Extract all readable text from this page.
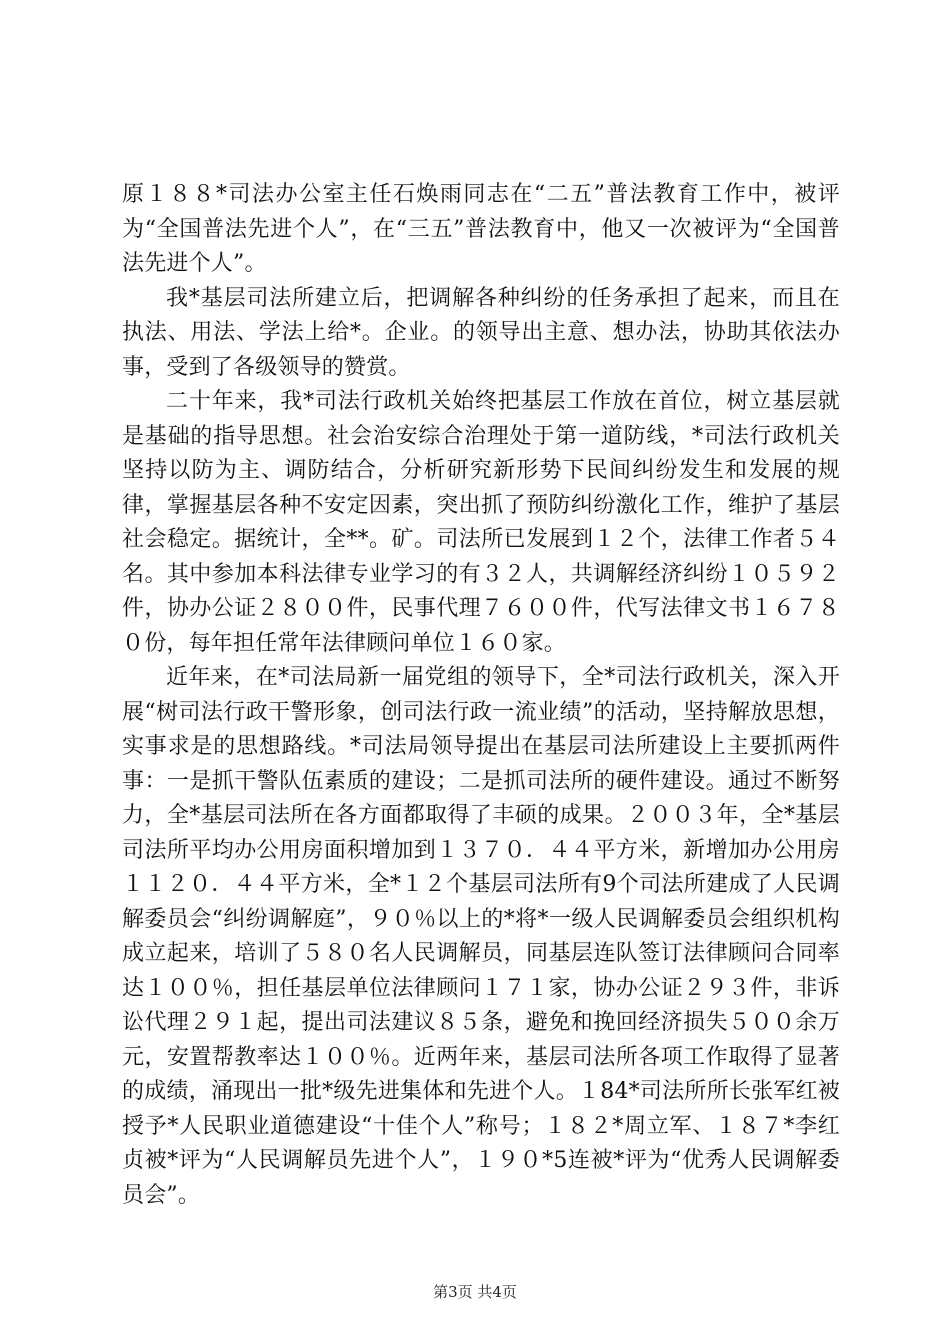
原１８８*司法办公室主任石焕雨同志在“二五”普法教育工作中，被评为“全国普法先进个人”，在“三五”普法教育中，他又一次被评为“全国普法先进个人”。

我*基层司法所建立后，把调解各种纠纷的任务承担了起来，而且在执法、用法、学法上给*。企业。的领导出主意、想办法，协助其依法办事，受到了各级领导的赞赏。

二十年来，我*司法行政机关始终把基层工作放在首位，树立基层就是基础的指导思想。社会治安综合治理处于第一道防线，*司法行政机关坚持以防为主、调防结合，分析研究新形势下民间纠纷发生和发展的规律，掌握基层各种不安定因素，突出抓了预防纠纷激化工作，维护了基层社会稳定。据统计，全**。矿。司法所已发展到１２个，法律工作者５４名。其中参加本科法律专业学习的有３２人，共调解经济纠纷１０５９２件，协办公证２８００件，民事代理７６００件，代写法律文书１６７８０份，每年担任常年法律顾问单位１６０家。

近年来，在*司法局新一届党组的领导下，全*司法行政机关，深入开展“树司法行政干警形象，创司法行政一流业绩”的活动，坚持解放思想，实事求是的思想路线。*司法局领导提出在基层司法所建设上主要抓两件事：一是抓干警队伍素质的建设；二是抓司法所的硬件建设。通过不断努力，全*基层司法所在各方面都取得了丰硕的成果。２００３年，全*基层司法所平均办公用房面积增加到１３７０．４４平方米，新增加办公用房１１２０．４４平方米，全*１２个基层司法所有9个司法所建成了人民调解委员会“纠纷调解庭”，９０％以上的*将*一级人民调解委员会组织机构成立起来，培训了５８０名人民调解员，同基层连队签订法律顾问合同率达１００％，担任基层单位法律顾问１７１家，协办公证２９３件，非诉讼代理２９１起，提出司法建议８５条，避免和挽回经济损失５００余万元，安置帮教率达１００％。近两年来，基层司法所各项工作取得了显著的成绩，涌现出一批*级先进集体和先进个人。１84*司法所所长张军红被授予*人民职业道德建设“十佳个人”称号；１８２*周立军、１８７*李红贞被*评为“人民调解员先进个人”，１９０*5连被*评为“优秀人民调解委员会”。

第3页 共4页
